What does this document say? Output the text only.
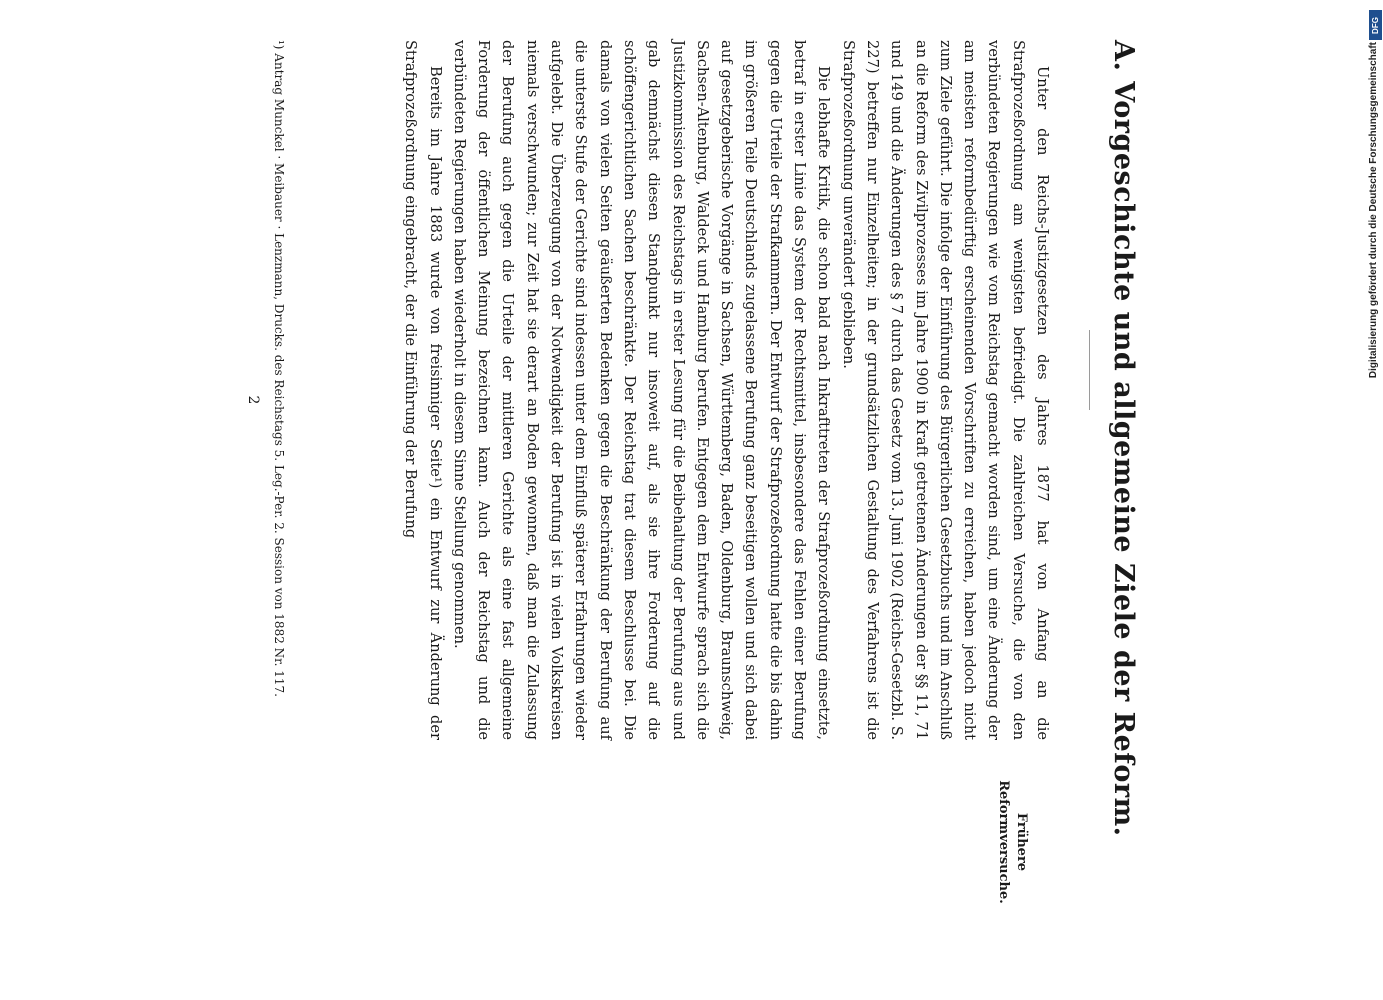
A. Vorgeschichte und allgemeine Ziele der Reform.

Unter den Reichs-Justizgesetzen des Jahres 1877 hat von Anfang an die Strafprozeßordnung am wenigsten befriedigt. Die zahlreichen Versuche, die von den verbündeten Regierungen wie vom Reichstag gemacht worden sind, um eine Änderung der am meisten reformbedürftig erscheinenden Vorschriften zu erreichen, haben jedoch nicht zum Ziele geführt. Die infolge der Einführung des Bürgerlichen Gesetzbuchs und im Anschluß an die Reform des Zivilprozesses im Jahre 1900 in Kraft getretenen Änderungen der §§ 11, 71 und 149 und die Änderungen des § 7 durch das Gesetz vom 13. Juni 1902 (Reichs-Gesetzbl. S. 227) betreffen nur Einzelheiten; in der grundsätzlichen Gestaltung des Verfahrens ist die Strafprozeßordnung unverändert geblieben.

Die lebhafte Kritik, die schon bald nach Inkrafttreten der Strafprozeßordnung einsetzte, betraf in erster Linie das System der Rechtsmittel, insbesondere das Fehlen einer Berufung gegen die Urteile der Strafkammern. Der Entwurf der Strafprozeßordnung hatte die bis dahin im größeren Teile Deutschlands zugelassene Berufung ganz beseitigen wollen und sich dabei auf gesetzgeberische Vorgänge in Sachsen, Württemberg, Baden, Oldenburg, Braunschweig, Sachsen-Altenburg, Waldeck und Hamburg berufen. Entgegen dem Entwurfe sprach sich die Justizkommission des Reichstags in erster Lesung für die Beibehaltung der Berufung aus und gab demnächst diesen Standpunkt nur insoweit auf, als sie ihre Forderung auf die schöffengerichtlichen Sachen beschränkte. Der Reichstag trat diesem Beschlusse bei. Die damals von vielen Seiten geäußerten Bedenken gegen die Beschränkung der Berufung auf die unterste Stufe der Gerichte sind indessen unter dem Einfluß späterer Erfahrungen wieder aufgelebt. Die Überzeugung von der Notwendigkeit der Berufung ist in vielen Volkskreisen niemals verschwunden; zur Zeit hat sie derart an Boden gewonnen, daß man die Zulassung der Berufung auch gegen die Urteile der mittleren Gerichte als eine fast allgemeine Forderung der öffentlichen Meinung bezeichnen kann. Auch der Reichstag und die verbündeten Regierungen haben wiederholt in diesem Sinne Stellung genommen.

Bereits im Jahre 1883 wurde von freisinniger Seite¹) ein Entwurf zur Änderung der Strafprozeßordnung eingebracht, der die Einführung der Berufung

¹) Antrag Munckel · Meibauer · Lenzmann, Drucks. des Reichstags 5. Leg.-Per. 2. Session von 1882 Nr. 117.

Frühere Reformversuche.
2
Digitalisierung gefördert durch die Deutsche Forschungsgemeinschaft
DFG
